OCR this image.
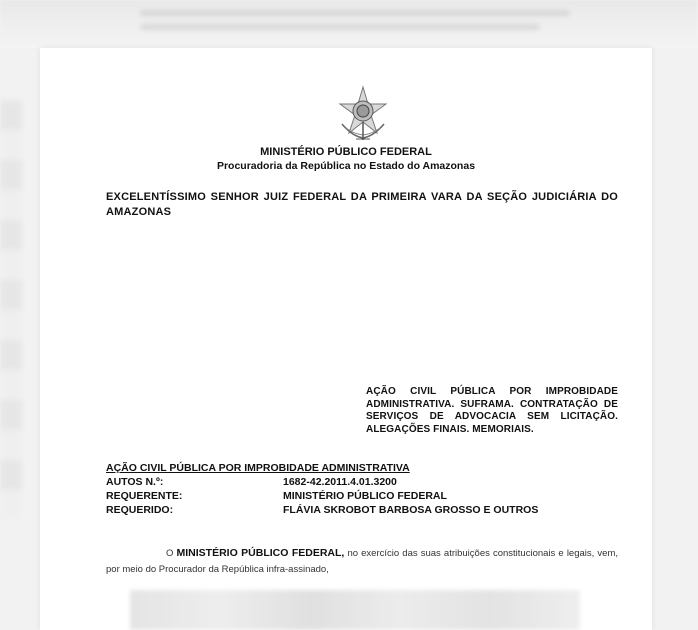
MINISTÉRIO PÚBLICO FEDERAL
Procuradoria da República no Estado do Amazonas
EXCELENTÍSSIMO SENHOR JUIZ FEDERAL DA PRIMEIRA VARA DA SEÇÃO JUDICIÁRIA DO AMAZONAS
AÇÃO CIVIL PÚBLICA POR IMPROBIDADE ADMINISTRATIVA. SUFRAMA. CONTRATAÇÃO DE SERVIÇOS DE ADVOCACIA SEM LICITAÇÃO. ALEGAÇÕES FINAIS. MEMORIAIS.
AÇÃO CIVIL PÚBLICA POR IMPROBIDADE ADMINISTRATIVA
AUTOS N.º:	1682-42.2011.4.01.3200
REQUERENTE:	MINISTÉRIO PÚBLICO FEDERAL
REQUERIDO:	FLÁVIA SKROBOT BARBOSA GROSSO E OUTROS
O MINISTÉRIO PÚBLICO FEDERAL, no exercício das suas atribuições constitucionais e legais, vem, por meio do Procurador da República infra-assinado,
